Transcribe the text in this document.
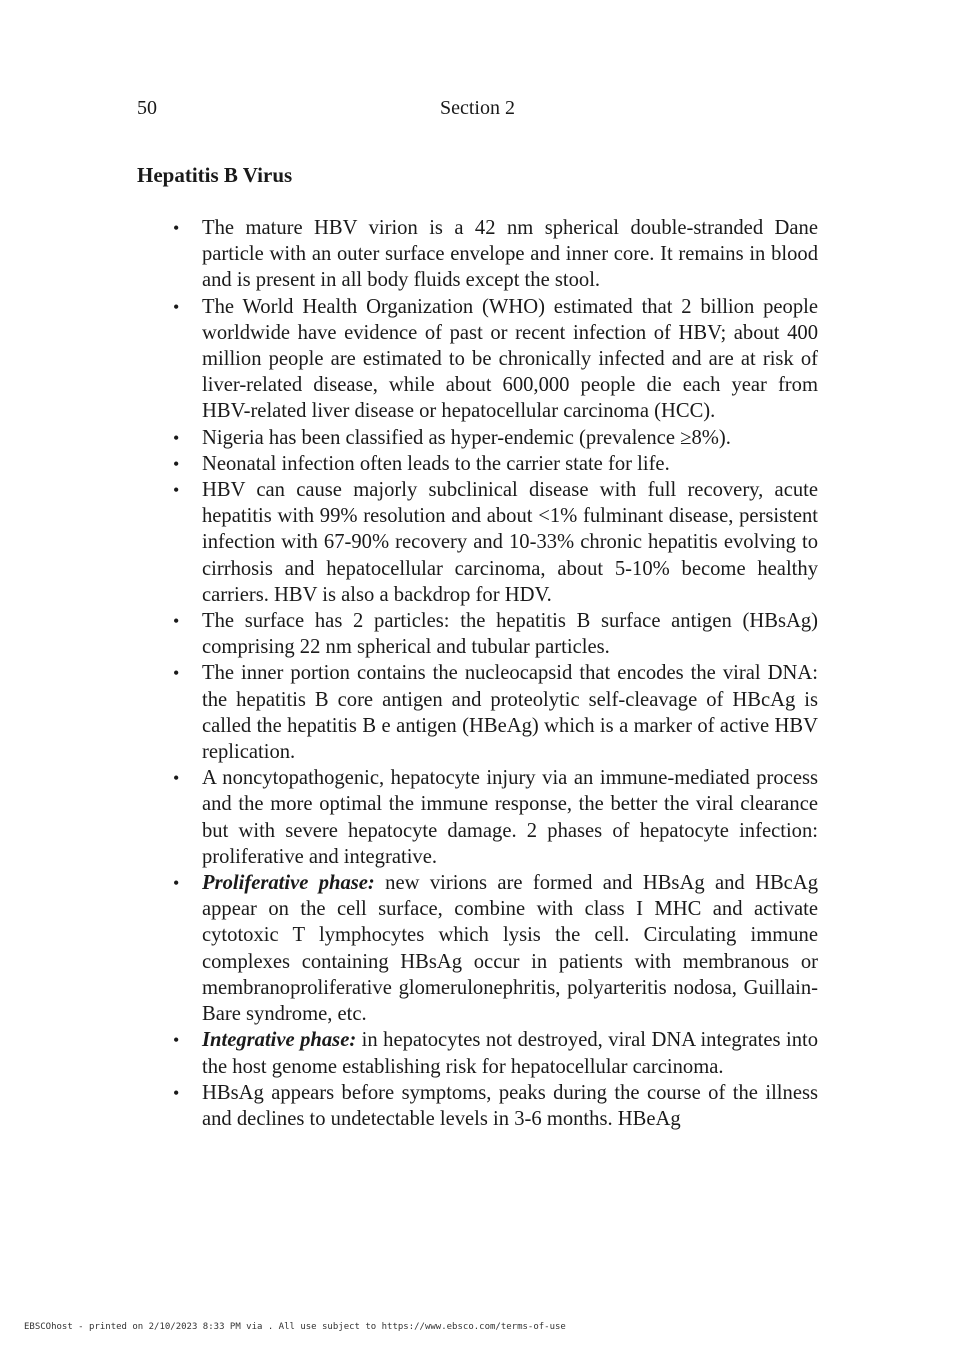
50	Section 2
Hepatitis B Virus
• The mature HBV virion is a 42 nm spherical double-stranded Dane particle with an outer surface envelope and inner core. It remains in blood and is present in all body fluids except the stool.
• The World Health Organization (WHO) estimated that 2 billion people worldwide have evidence of past or recent infection of HBV; about 400 million people are estimated to be chronically infected and are at risk of liver-related disease, while about 600,000 people die each year from HBV-related liver disease or hepatocellular carcinoma (HCC).
• Nigeria has been classified as hyper-endemic (prevalence ≥8%).
• Neonatal infection often leads to the carrier state for life.
• HBV can cause majorly subclinical disease with full recovery, acute hepatitis with 99% resolution and about <1% fulminant disease, persistent infection with 67-90% recovery and 10-33% chronic hepatitis evolving to cirrhosis and hepatocellular carcinoma, about 5-10% become healthy carriers. HBV is also a backdrop for HDV.
• The surface has 2 particles: the hepatitis B surface antigen (HBsAg) comprising 22 nm spherical and tubular particles.
• The inner portion contains the nucleocapsid that encodes the viral DNA: the hepatitis B core antigen and proteolytic self-cleavage of HBcAg is called the hepatitis B e antigen (HBeAg) which is a marker of active HBV replication.
• A noncytopathogenic, hepatocyte injury via an immune-mediated process and the more optimal the immune response, the better the viral clearance but with severe hepatocyte damage. 2 phases of hepatocyte infection: proliferative and integrative.
• Proliferative phase: new virions are formed and HBsAg and HBcAg appear on the cell surface, combine with class I MHC and activate cytotoxic T lymphocytes which lysis the cell. Circulating immune complexes containing HBsAg occur in patients with membranous or membranoproliferative glomerulonephritis, polyarteritis nodosa, Guillain-Bare syndrome, etc.
• Integrative phase: in hepatocytes not destroyed, viral DNA integrates into the host genome establishing risk for hepatocellular carcinoma.
• HBsAg appears before symptoms, peaks during the course of the illness and declines to undetectable levels in 3-6 months. HBeAg
EBSCOhost - printed on 2/10/2023 8:33 PM via . All use subject to https://www.ebsco.com/terms-of-use
